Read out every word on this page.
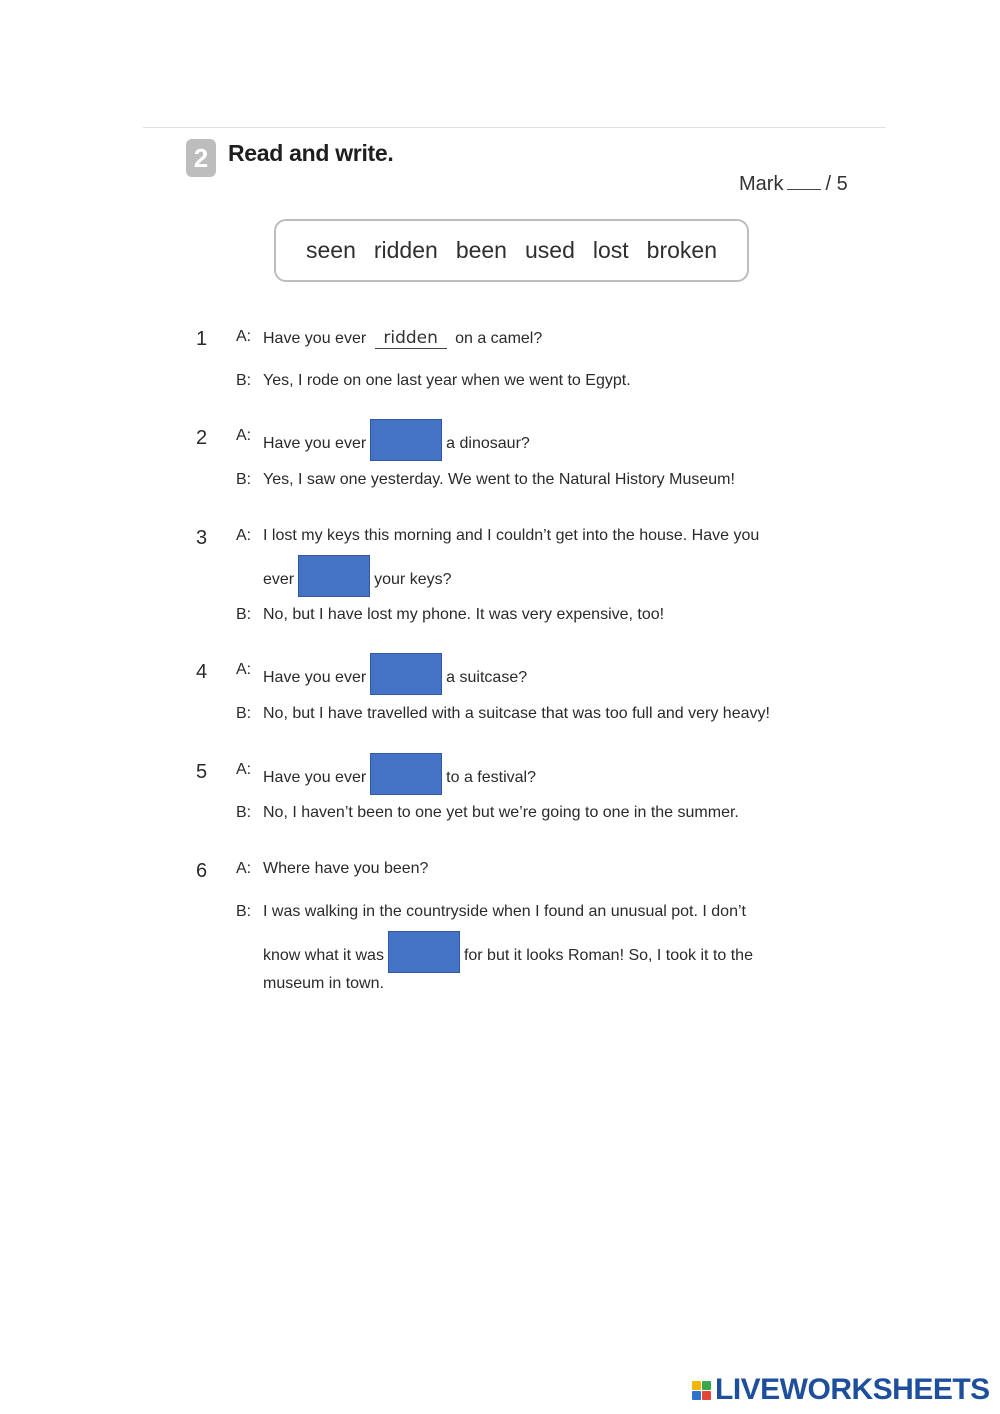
2 Read and write.
Mark / 5
seen ridden been used lost broken
1 A: Have you ever ridden on a camel?
B: Yes, I rode on one last year when we went to Egypt.
2 A: Have you ever	a dinosaur?
B: Yes, I saw one yesterday. We went to the Natural History Museum!
3 A: I lost my keys this morning and I couldn’t get into the house. Have you
ever	your keys?
B: No, but I have lost my phone. It was very expensive, too!
4 A: Have you ever	a suitcase?
B: No, but I have travelled with a suitcase that was too full and very heavy!
5 A: Have you ever	to a festival?
B: No, I haven’t been to one yet but we’re going to one in the summer.
6 A: Where have you been?
B: I was walking in the countryside when I found an unusual pot. I don’t
know what it was	for but it looks Roman! So, I took it to the
museum in town.
LIVEWORKSHEETS
